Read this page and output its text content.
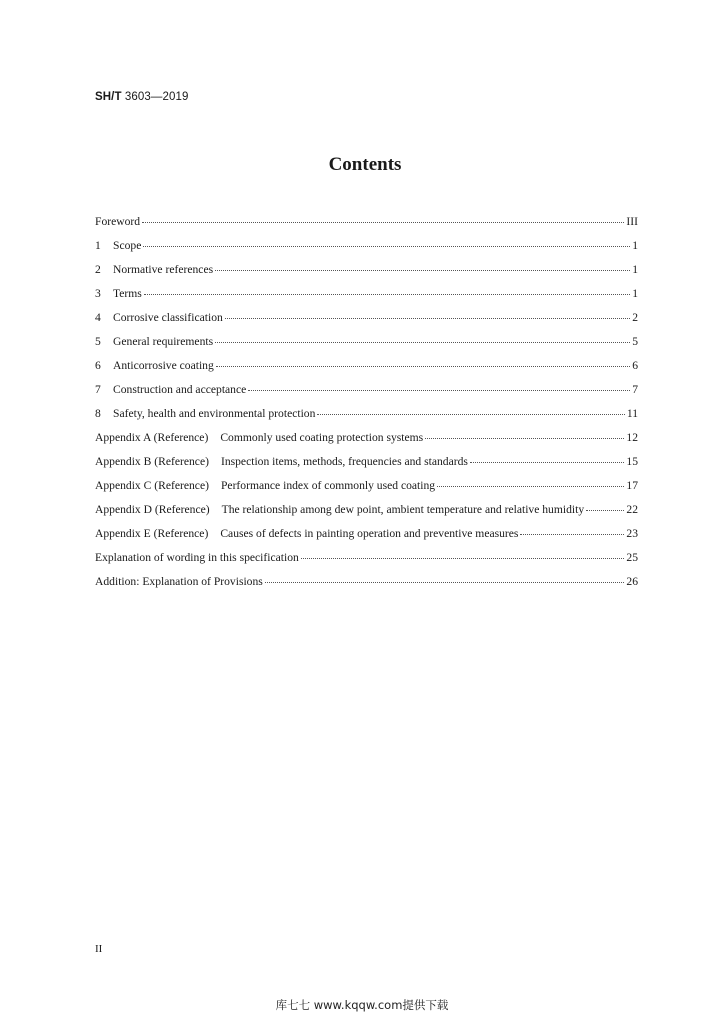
SH/T 3603—2019
Contents
Foreword	III
1	Scope	1
2	Normative references	1
3	Terms	1
4	Corrosive classification	2
5	General requirements	5
6	Anticorrosive coating	6
7	Construction and acceptance	7
8	Safety, health and environmental protection	11
Appendix A (Reference) Commonly used coating protection systems	12
Appendix B (Reference) Inspection items, methods, frequencies and standards	15
Appendix C (Reference) Performance index of commonly used coating	17
Appendix D (Reference) The relationship among dew point, ambient temperature and relative humidity	22
Appendix E (Reference) Causes of defects in painting operation and preventive measures	23
Explanation of wording in this specification	25
Addition: Explanation of Provisions	26
II
库七七 www.kqqw.com提供下载
